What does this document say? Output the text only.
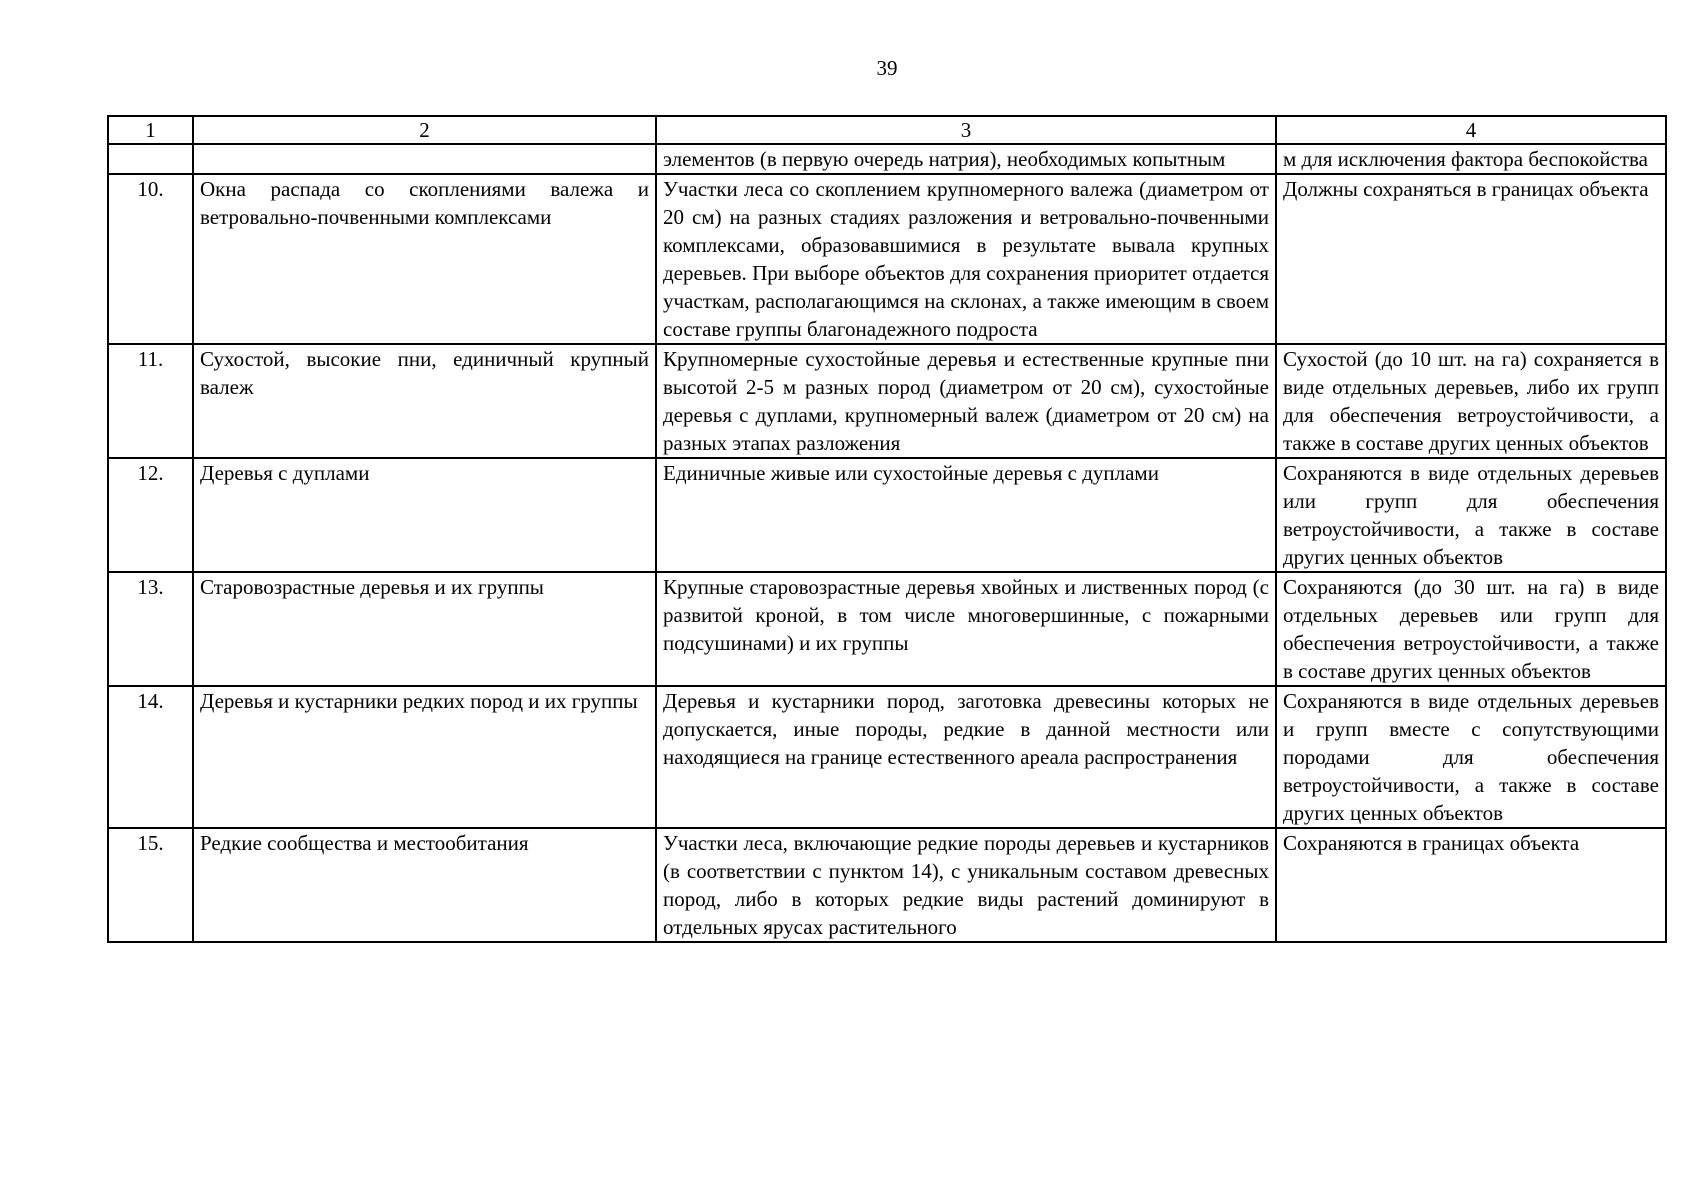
39
1	2	3	4
		элементов (в первую очередь натрия), необходимых копытным	м для исключения фактора беспокойства
10.	Окна распада со скоплениями валежа и ветровально-почвенными комплексами	Участки леса со скоплением крупномерного валежа (диаметром от 20 см) на разных стадиях разложения и ветровально-почвенными комплексами, образовавшимися в результате вывала крупных деревьев. При выборе объектов для сохранения приоритет отдается участкам, располагающимся на склонах, а также имеющим в своем составе группы благонадежного подроста	Должны сохраняться в границах объекта
11.	Сухостой, высокие пни, единичный крупный валеж	Крупномерные сухостойные деревья и естественные крупные пни высотой 2-5 м разных пород (диаметром от 20 см), сухостойные деревья с дуплами, крупномерный валеж (диаметром от 20 см) на разных этапах разложения	Сухостой (до 10 шт. на га) сохраняется в виде отдельных деревьев, либо их групп для обеспечения ветроустойчивости, а также в составе других ценных объектов
12.	Деревья с дуплами	Единичные живые или сухостойные деревья с дуплами	Сохраняются в виде отдельных деревьев или групп для обеспечения ветроустойчивости, а также в составе других ценных объектов
13.	Старовозрастные деревья и их группы	Крупные старовозрастные деревья хвойных и лиственных пород (с развитой кроной, в том числе многовершинные, с пожарными подсушинами) и их группы	Сохраняются (до 30 шт. на га) в виде отдельных деревьев или групп для обеспечения ветроустойчивости, а также в составе других ценных объектов
14.	Деревья и кустарники редких пород и их группы	Деревья и кустарники пород, заготовка древесины которых не допускается, иные породы, редкие в данной местности или находящиеся на границе естественного ареала распространения	Сохраняются в виде отдельных деревьев и групп вместе с сопутствующими породами для обеспечения ветроустойчивости, а также в составе других ценных объектов
15.	Редкие сообщества и местообитания	Участки леса, включающие редкие породы деревьев и кустарников (в соответствии с пунктом 14), с уникальным составом древесных пород, либо в которых редкие виды растений доминируют в отдельных ярусах растительного	Сохраняются в границах объекта
